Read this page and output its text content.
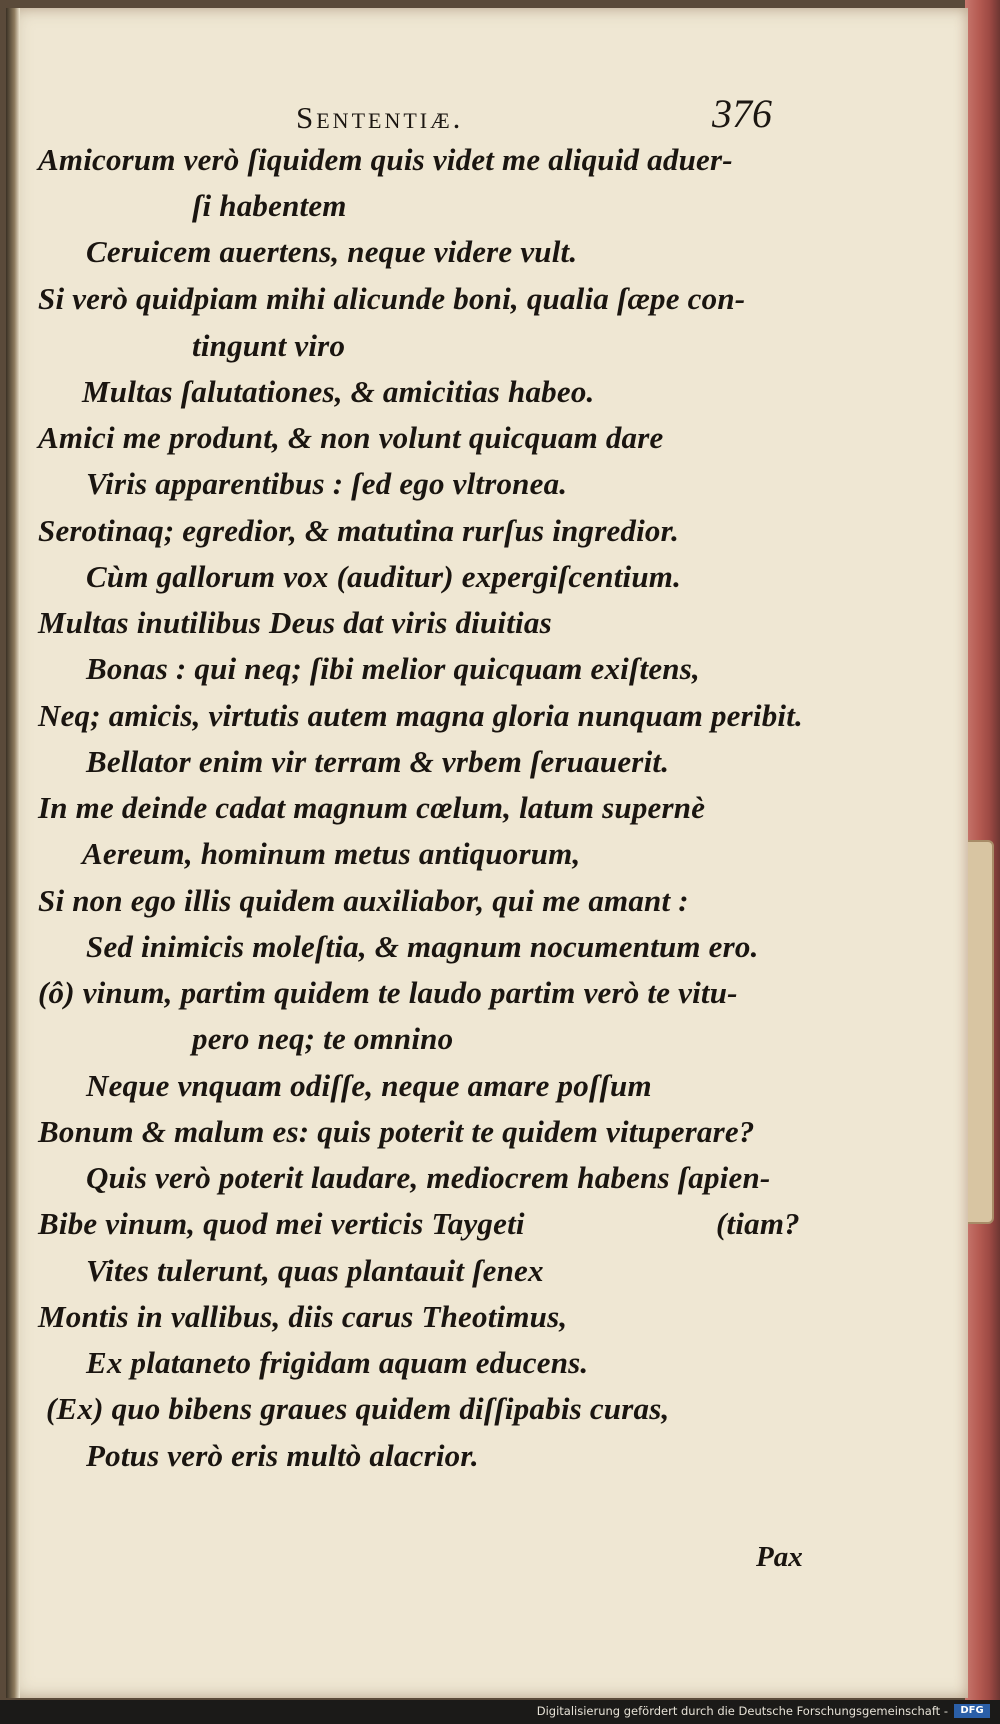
Sententiæ.	376
Amicorum verò ſiquidem quis videt me aliquid aduer-
ſi habentem
Ceruicem auertens, neque videre vult.
Si verò quidpiam mihi alicunde boni, qualia ſæpe con-
tingunt viro
Multas ſalutationes, & amicitias habeo.
Amici me produnt, & non volunt quicquam dare
Viris apparentibus : ſed ego vltronea.
Serotinaq; egredior, & matutina rurſus ingredior.
Cùm gallorum vox (auditur) expergiſcentium.
Multas inutilibus Deus dat viris diuitias
Bonas : qui neq; ſibi melior quicquam exiſtens,
Neq; amicis, virtutis autem magna gloria nunquam peribit.
Bellator enim vir terram & vrbem ſeruauerit.
In me deinde cadat magnum cœlum, latum supernè
Aereum, hominum metus antiquorum,
Si non ego illis quidem auxiliabor, qui me amant :
Sed inimicis moleſtia, & magnum nocumentum ero.
(ô) vinum, partim quidem te laudo partim verò te vitu-
pero neq; te omnino
Neque vnquam odiſſe, neque amare poſſum
Bonum & malum es: quis poterit te quidem vituperare?
Quis verò poterit laudare, mediocrem habens ſapien-
Bibe vinum, quod mei verticis Taygeti	(tiam?
Vites tulerunt, quas plantauit ſenex
Montis in vallibus, diis carus Theotimus,
Ex plataneto frigidam aquam educens.
(Ex) quo bibens graues quidem diſſipabis curas,
Potus verò eris multò alacrior.
Pax
Digitalisierung gefördert durch die Deutsche Forschungsgemeinschaft -	DFG
